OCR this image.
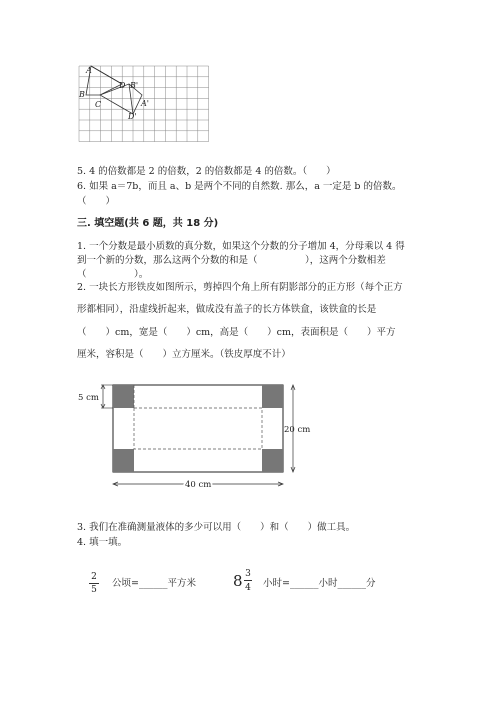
A
B
C
D B'
A'
D'
5. 4 的倍数都是 2 的倍数，2 的倍数都是 4 的倍数。（　　）
6. 如果 a＝7b，而且 a、b 是两个不同的自然数. 那么，a 一定是 b 的倍数。
（　　）
三. 填空题(共 6 题，共 18 分)
1. 一个分数是最小质数的真分数，如果这个分数的分子增加 4，分母乘以 4 得
到一个新的分数，那么这两个分数的和是（　　　　　），这两个分数相差
（　　　　　）。
2. 一块长方形铁皮如图所示，剪掉四个角上所有阴影部分的正方形（每个正方
形都相同），沿虚线折起来，做成没有盖子的长方体铁盒，该铁盒的长是
（　　）cm，宽是（　　）cm，高是（　　）cm，表面积是（　　）平方
厘米，容积是（　　）立方厘米。（铁皮厚度不计）
5 cm
20 cm
40 cm
3. 我们在准确测量液体的多少可以用（　　）和（　　）做工具。
4. 填一填。
2
5
公顷=______平方米 8 3
4	小时=______小时______分
